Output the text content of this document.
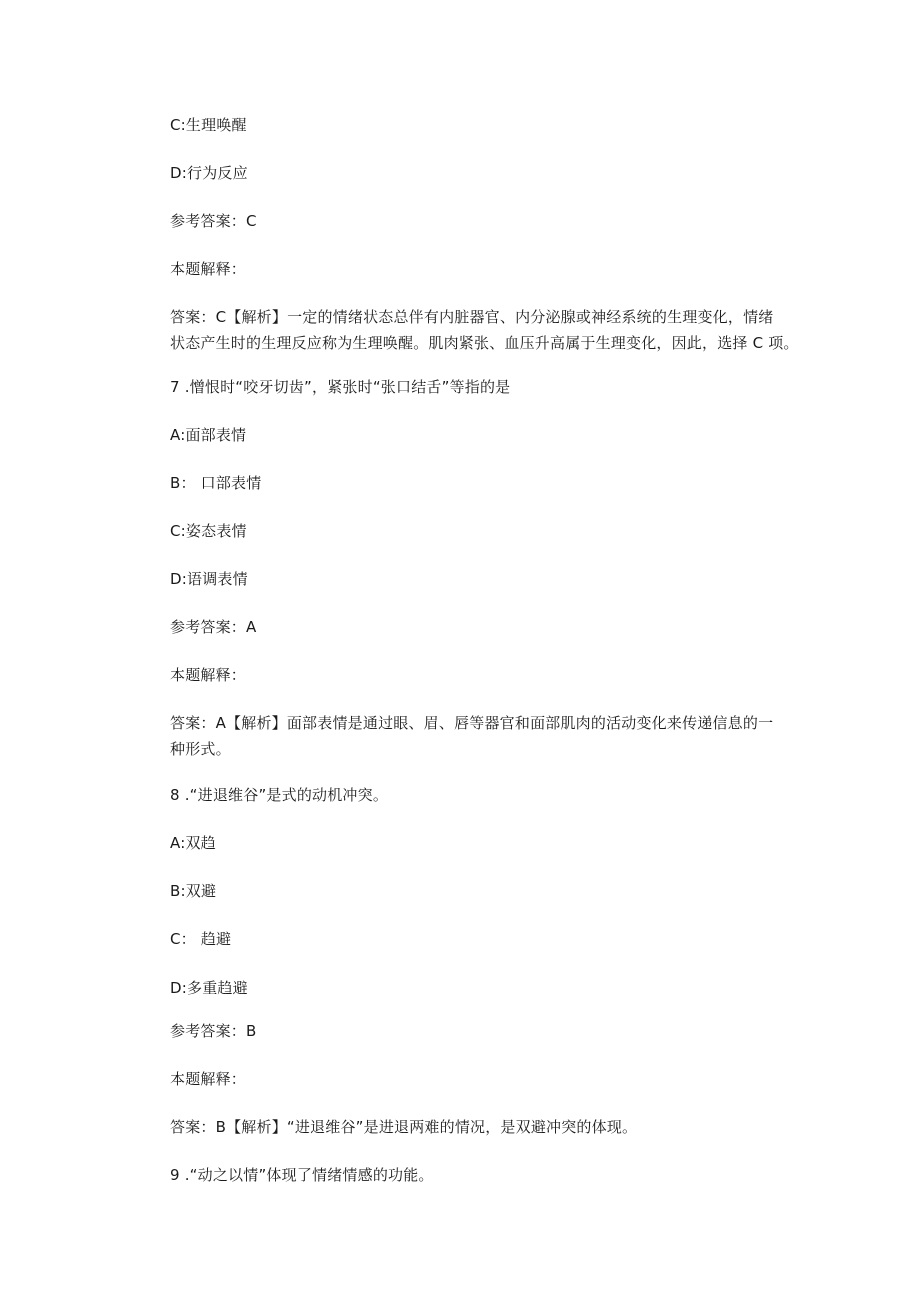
C:生理唤醒
D:行为反应
参考答案：C
本题解释：
答案：C【解析】一定的情绪状态总伴有内脏器官、内分泌腺或神经系统的生理变化，情绪
状态产生时的生理反应称为生理唤醒。肌肉紧张、血压升高属于生理变化，因此，选择 C 项。
7 .憎恨时“咬牙切齿”，紧张时“张口结舌”等指的是
A:面部表情
B： 口部表情
C:姿态表情
D:语调表情
参考答案：A
本题解释：
答案：A【解析】面部表情是通过眼、眉、唇等器官和面部肌肉的活动变化来传递信息的一
种形式。
8 .“进退维谷”是式的动机冲突。
A:双趋
B:双避
C： 趋避
D:多重趋避
参考答案：B
本题解释：
答案：B【解析】“进退维谷”是进退两难的情况，是双避冲突的体现。
9 .“动之以情”体现了情绪情感的功能。
